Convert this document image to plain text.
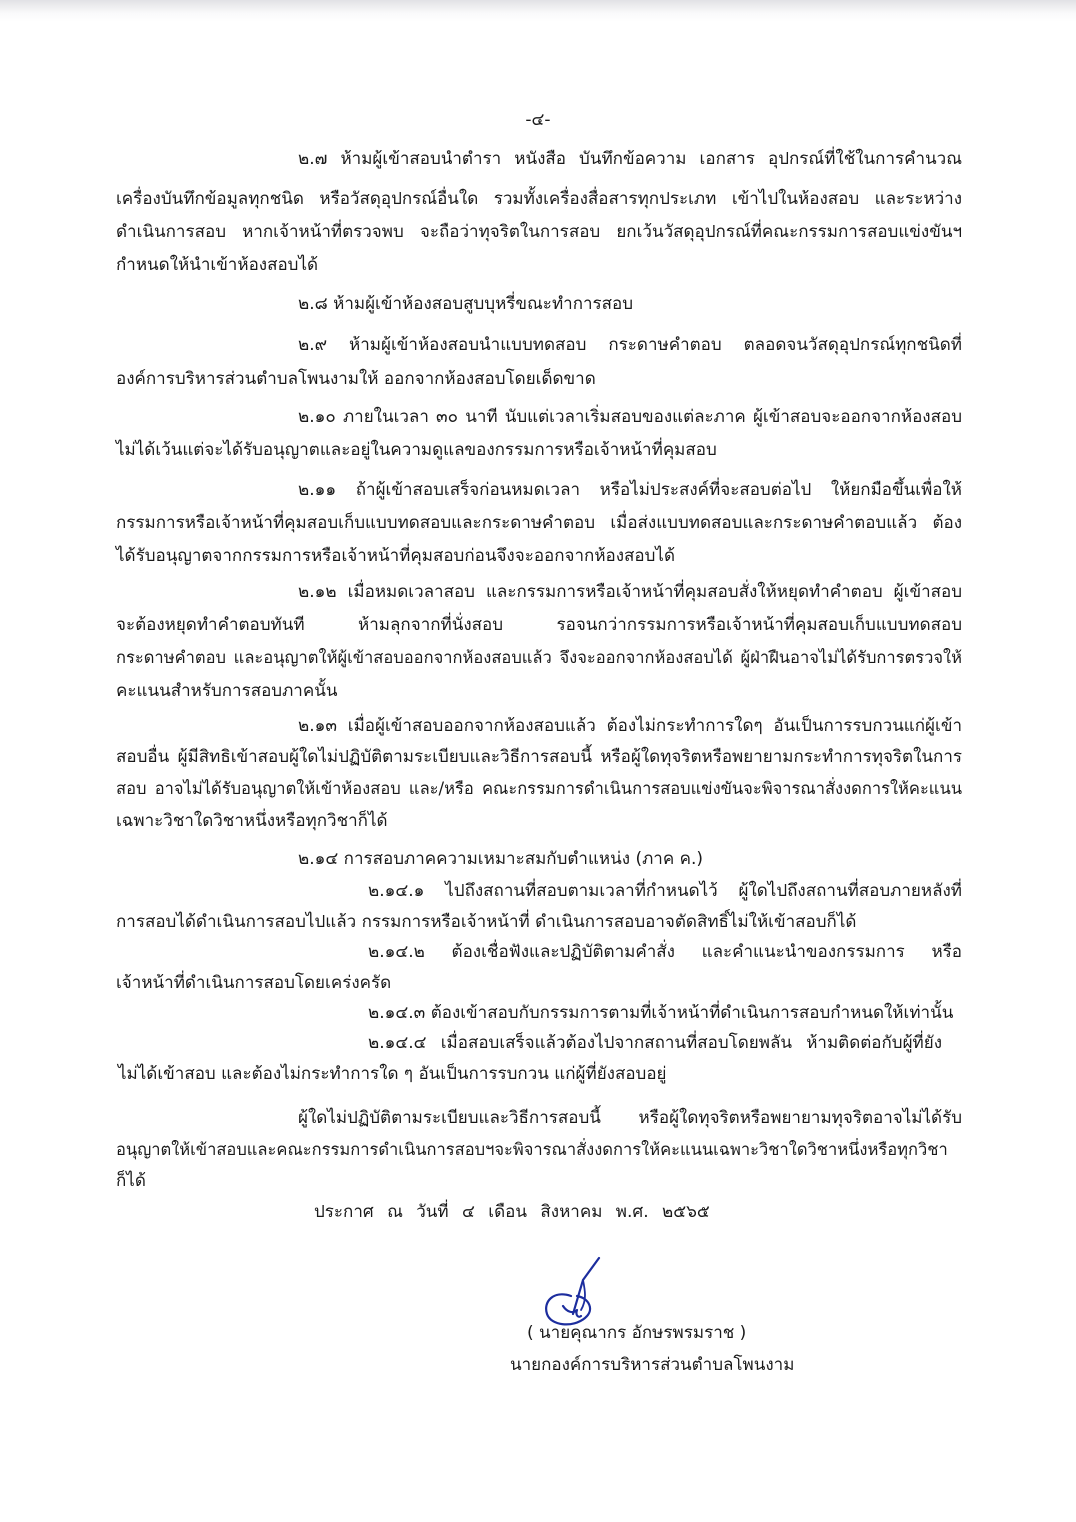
-๔-
๒.๗ ห้ามผู้เข้าสอบนำตำรา หนังสือ บันทึกข้อความ เอกสาร อุปกรณ์ที่ใช้ในการคำนวณ
เครื่องบันทึกข้อมูลทุกชนิด หรือวัสดุอุปกรณ์อื่นใด รวมทั้งเครื่องสื่อสารทุกประเภท เข้าไปในห้องสอบ และระหว่าง
ดำเนินการสอบ หากเจ้าหน้าที่ตรวจพบ จะถือว่าทุจริตในการสอบ ยกเว้นวัสดุอุปกรณ์ที่คณะกรรมการสอบแข่งขันฯ
กำหนดให้นำเข้าห้องสอบได้
๒.๘ ห้ามผู้เข้าห้องสอบสูบบุหรี่ขณะทำการสอบ
๒.๙ ห้ามผู้เข้าห้องสอบนำแบบทดสอบ กระดาษคำตอบ ตลอดจนวัสดุอุปกรณ์ทุกชนิดที่
องค์การบริหารส่วนตำบลโพนงามให้ ออกจากห้องสอบโดยเด็ดขาด
๒.๑๐ ภายในเวลา ๓๐ นาที นับแต่เวลาเริ่มสอบของแต่ละภาค ผู้เข้าสอบจะออกจากห้องสอบ
ไม่ได้เว้นแต่จะได้รับอนุญาตและอยู่ในความดูแลของกรรมการหรือเจ้าหน้าที่คุมสอบ
๒.๑๑ ถ้าผู้เข้าสอบเสร็จก่อนหมดเวลา หรือไม่ประสงค์ที่จะสอบต่อไป ให้ยกมือขึ้นเพื่อให้
กรรมการหรือเจ้าหน้าที่คุมสอบเก็บแบบทดสอบและกระดาษคำตอบ เมื่อส่งแบบทดสอบและกระดาษคำตอบแล้ว ต้อง
ได้รับอนุญาตจากกรรมการหรือเจ้าหน้าที่คุมสอบก่อนจึงจะออกจากห้องสอบได้
๒.๑๒ เมื่อหมดเวลาสอบ และกรรมการหรือเจ้าหน้าที่คุมสอบสั่งให้หยุดทำคำตอบ ผู้เข้าสอบ
จะต้องหยุดทำคำตอบทันที ห้ามลุกจากที่นั่งสอบ รอจนกว่ากรรมการหรือเจ้าหน้าที่คุมสอบเก็บแบบทดสอบ
กระดาษคำตอบ และอนุญาตให้ผู้เข้าสอบออกจากห้องสอบแล้ว จึงจะออกจากห้องสอบได้ ผู้ฝ่าฝืนอาจไม่ได้รับการตรวจให้
คะแนนสำหรับการสอบภาคนั้น
๒.๑๓ เมื่อผู้เข้าสอบออกจากห้องสอบแล้ว ต้องไม่กระทำการใดๆ อันเป็นการรบกวนแก่ผู้เข้า
สอบอื่น ผู้มีสิทธิเข้าสอบผู้ใดไม่ปฏิบัติตามระเบียบและวิธีการสอบนี้ หรือผู้ใดทุจริตหรือพยายามกระทำการทุจริตในการ
สอบ อาจไม่ได้รับอนุญาตให้เข้าห้องสอบ และ/หรือ คณะกรรมการดำเนินการสอบแข่งขันจะพิจารณาสั่งงดการให้คะแนน
เฉพาะวิชาใดวิชาหนึ่งหรือทุกวิชาก็ได้
๒.๑๔ การสอบภาคความเหมาะสมกับตำแหน่ง (ภาค ค.)
๒.๑๔.๑ ไปถึงสถานที่สอบตามเวลาที่กำหนดไว้ ผู้ใดไปถึงสถานที่สอบภายหลังที่
การสอบได้ดำเนินการสอบไปแล้ว กรรมการหรือเจ้าหน้าที่ ดำเนินการสอบอาจตัดสิทธิ์ไม่ให้เข้าสอบก็ได้
๒.๑๔.๒ ต้องเชื่อฟังและปฏิบัติตามคำสั่ง และคำแนะนำของกรรมการ หรือ
เจ้าหน้าที่ดำเนินการสอบโดยเคร่งครัด
๒.๑๔.๓ ต้องเข้าสอบกับกรรมการตามที่เจ้าหน้าที่ดำเนินการสอบกำหนดให้เท่านั้น
๒.๑๔.๔ เมื่อสอบเสร็จแล้วต้องไปจากสถานที่สอบโดยพลัน ห้ามติดต่อกับผู้ที่ยัง
ไม่ได้เข้าสอบ และต้องไม่กระทำการใด ๆ อันเป็นการรบกวน แก่ผู้ที่ยังสอบอยู่
ผู้ใดไม่ปฏิบัติตามระเบียบและวิธีการสอบนี้ หรือผู้ใดทุจริตหรือพยายามทุจริตอาจไม่ได้รับ
อนุญาตให้เข้าสอบและคณะกรรมการดำเนินการสอบฯจะพิจารณาสั่งงดการให้คะแนนเฉพาะวิชาใดวิชาหนึ่งหรือทุกวิชา
ก็ได้
ประกาศ ณ วันที่ ๔ เดือน สิงหาคม พ.ศ. ๒๕๖๕
( นายคุณากร อักษรพรมราช )
นายกองค์การบริหารส่วนตำบลโพนงาม
